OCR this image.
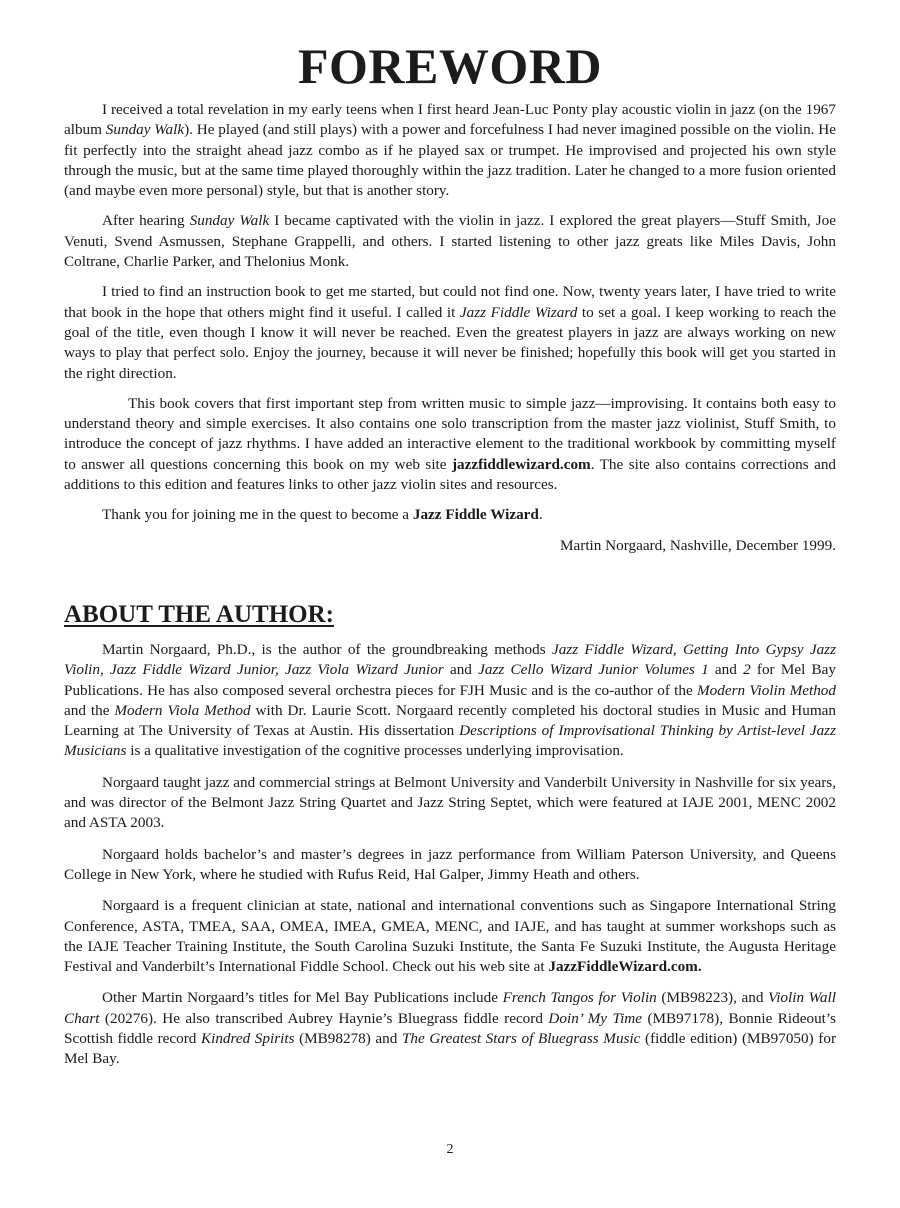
FOREWORD

I received a total revelation in my early teens when I first heard Jean-Luc Ponty play acoustic violin in jazz (on the 1967 album Sunday Walk). He played (and still plays) with a power and forcefulness I had never imagined possible on the violin. He fit perfectly into the straight ahead jazz combo as if he played sax or trumpet. He improvised and projected his own style through the music, but at the same time played thoroughly within the jazz tradition. Later he changed to a more fusion oriented (and maybe even more personal) style, but that is another story.

After hearing Sunday Walk I became captivated with the violin in jazz. I explored the great players—Stuff Smith, Joe Venuti, Svend Asmussen, Stephane Grappelli, and others. I started listening to other jazz greats like Miles Davis, John Coltrane, Charlie Parker, and Thelonius Monk.

I tried to find an instruction book to get me started, but could not find one. Now, twenty years later, I have tried to write that book in the hope that others might find it useful. I called it Jazz Fiddle Wizard to set a goal. I keep working to reach the goal of the title, even though I know it will never be reached. Even the greatest players in jazz are always working on new ways to play that perfect solo. Enjoy the journey, because it will never be finished; hopefully this book will get you started in the right direction.

This book covers that first important step from written music to simple jazz—improvising. It contains both easy to understand theory and simple exercises. It also contains one solo transcription from the master jazz violinist, Stuff Smith, to introduce the concept of jazz rhythms. I have added an interactive element to the traditional workbook by committing myself to answer all questions concerning this book on my web site jazzfiddlewizard.com. The site also contains corrections and additions to this edition and features links to other jazz violin sites and resources.

Thank you for joining me in the quest to become a Jazz Fiddle Wizard.

Martin Norgaard, Nashville, December 1999.

ABOUT THE AUTHOR:

Martin Norgaard, Ph.D., is the author of the groundbreaking methods Jazz Fiddle Wizard, Getting Into Gypsy Jazz Violin, Jazz Fiddle Wizard Junior, Jazz Viola Wizard Junior and Jazz Cello Wizard Junior Volumes 1 and 2 for Mel Bay Publications. He has also composed several orchestra pieces for FJH Music and is the co-author of the Modern Violin Method and the Modern Viola Method with Dr. Laurie Scott. Norgaard recently completed his doctoral studies in Music and Human Learning at The University of Texas at Austin. His dissertation Descriptions of Improvisational Thinking by Artist-level Jazz Musicians is a qualitative investigation of the cognitive processes underlying improvisation.

Norgaard taught jazz and commercial strings at Belmont University and Vanderbilt University in Nashville for six years, and was director of the Belmont Jazz String Quartet and Jazz String Septet, which were featured at IAJE 2001, MENC 2002 and ASTA 2003.

Norgaard holds bachelor’s and master’s degrees in jazz performance from William Paterson University, and Queens College in New York, where he studied with Rufus Reid, Hal Galper, Jimmy Heath and others.

Norgaard is a frequent clinician at state, national and international conventions such as Singapore International String Conference, ASTA, TMEA, SAA, OMEA, IMEA, GMEA, MENC, and IAJE, and has taught at summer workshops such as the IAJE Teacher Training Institute, the South Carolina Suzuki Institute, the Santa Fe Suzuki Institute, the Augusta Heritage Festival and Vanderbilt’s International Fiddle School. Check out his web site at JazzFiddleWizard.com.

Other Martin Norgaard’s titles for Mel Bay Publications include French Tangos for Violin (MB98223), and Violin Wall Chart (20276). He also transcribed Aubrey Haynie’s Bluegrass fiddle record Doin’ My Time (MB97178), Bonnie Rideout’s Scottish fiddle record Kindred Spirits (MB98278) and The Greatest Stars of Bluegrass Music (fiddle edition) (MB97050) for Mel Bay.

2
